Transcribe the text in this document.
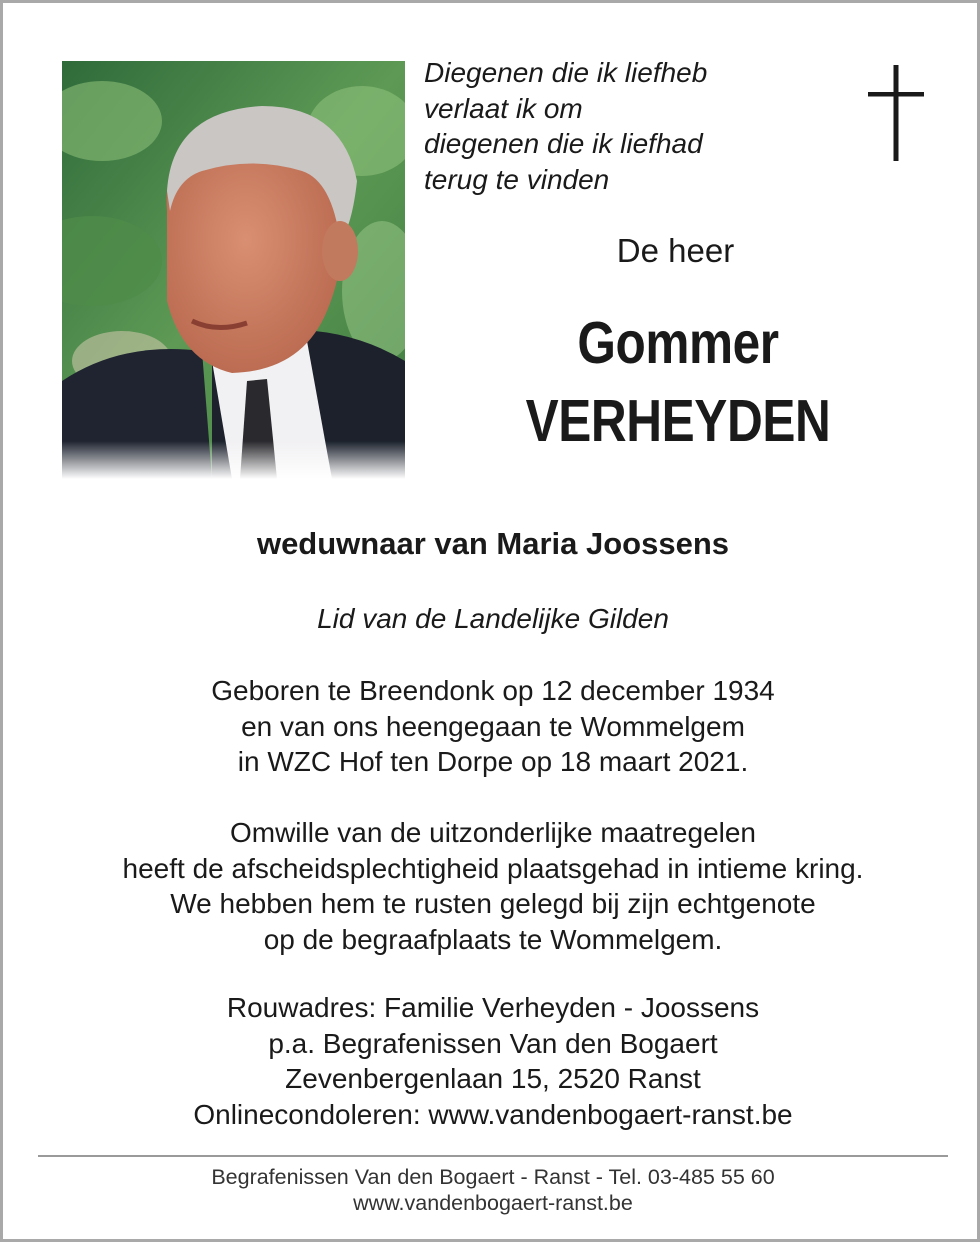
Diegenen die ik liefheb
verlaat ik om
diegenen die ik liefhad
terug te vinden
De heer
Gommer
VERHEYDEN
weduwnaar van Maria Joossens
Lid van de Landelijke Gilden
Geboren te Breendonk op 12 december 1934
en van ons heengegaan te Wommelgem
in WZC Hof ten Dorpe op 18 maart 2021.
Omwille van de uitzonderlijke maatregelen
heeft de afscheidsplechtigheid plaatsgehad in intieme kring.
We hebben hem te rusten gelegd bij zijn echtgenote
op de begraafplaats te Wommelgem.
Rouwadres: Familie Verheyden - Joossens
p.a. Begrafenissen Van den Bogaert
Zevenbergenlaan 15, 2520 Ranst
Onlinecondoleren: www.vandenbogaert-ranst.be
Begrafenissen Van den Bogaert - Ranst - Tel. 03-485 55 60
www.vandenbogaert-ranst.be
